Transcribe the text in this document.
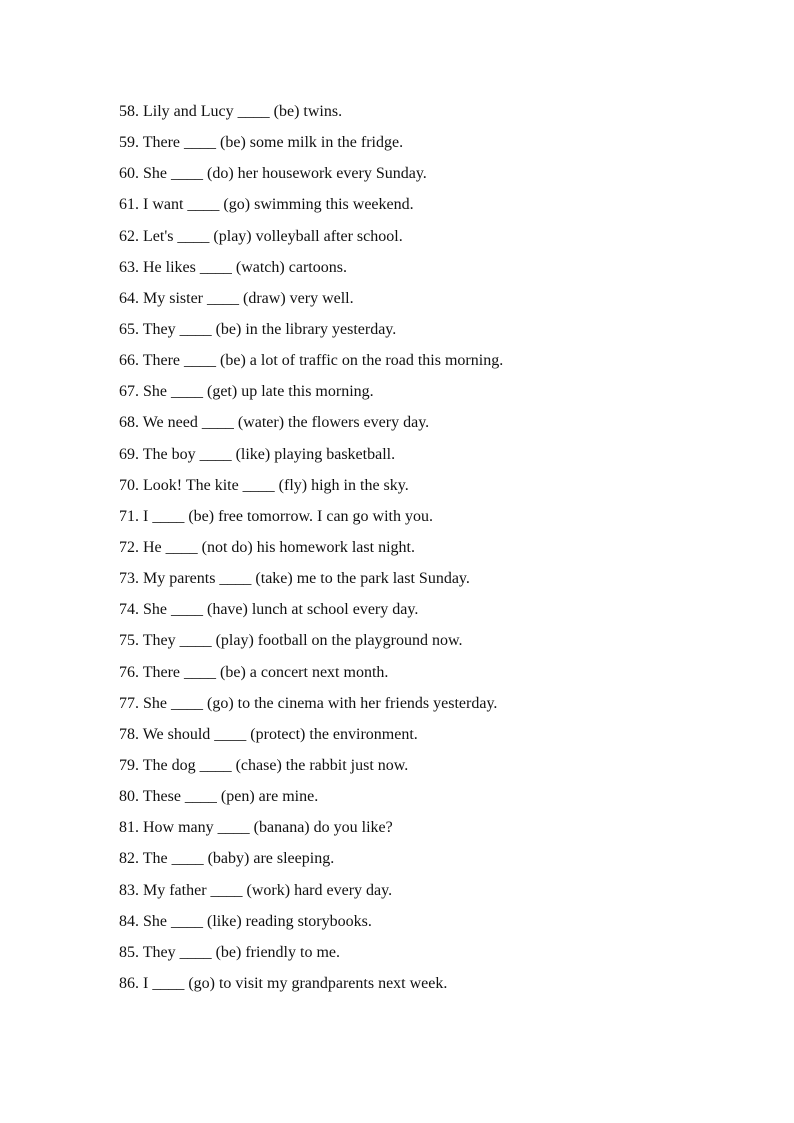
58. Lily and Lucy ____ (be) twins.
59. There ____ (be) some milk in the fridge.
60. She ____ (do) her housework every Sunday.
61. I want ____ (go) swimming this weekend.
62. Let's ____ (play) volleyball after school.
63. He likes ____ (watch) cartoons.
64. My sister ____ (draw) very well.
65. They ____ (be) in the library yesterday.
66. There ____ (be) a lot of traffic on the road this morning.
67. She ____ (get) up late this morning.
68. We need ____ (water) the flowers every day.
69. The boy ____ (like) playing basketball.
70. Look! The kite ____ (fly) high in the sky.
71. I ____ (be) free tomorrow. I can go with you.
72. He ____ (not do) his homework last night.
73. My parents ____ (take) me to the park last Sunday.
74. She ____ (have) lunch at school every day.
75. They ____ (play) football on the playground now.
76. There ____ (be) a concert next month.
77. She ____ (go) to the cinema with her friends yesterday.
78. We should ____ (protect) the environment.
79. The dog ____ (chase) the rabbit just now.
80. These ____ (pen) are mine.
81. How many ____ (banana) do you like?
82. The ____ (baby) are sleeping.
83. My father ____ (work) hard every day.
84. She ____ (like) reading storybooks.
85. They ____ (be) friendly to me.
86. I ____ (go) to visit my grandparents next week.
